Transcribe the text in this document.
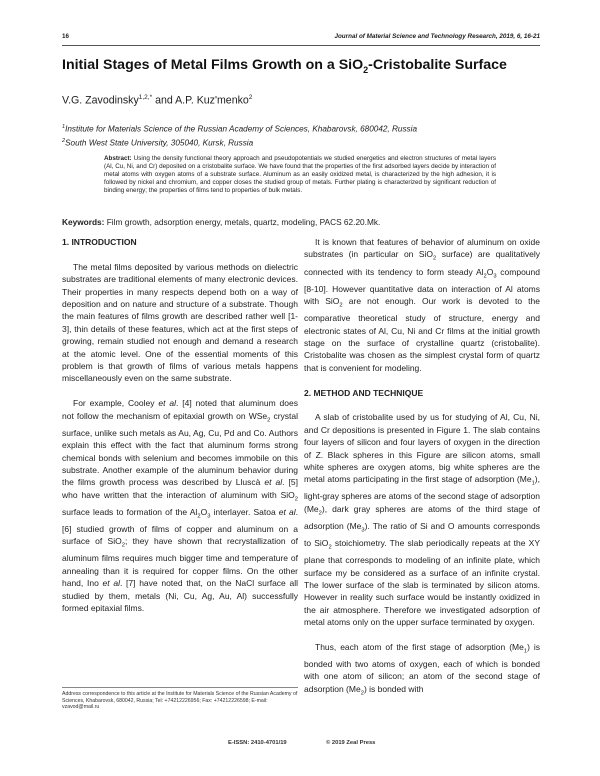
16	Journal of Material Science and Technology Research, 2019, 6, 16-21
Initial Stages of Metal Films Growth on a SiO$_2$-Cristobalite Surface
V.G. Zavodinsky$^{1,2,*}$ and A.P. Kuz'menko$^2$
$^1$Institute for Materials Science of the Russian Academy of Sciences, Khabarovsk, 680042, Russia
$^2$South West State University, 305040, Kursk, Russia
Abstract: Using the density functional theory approach and pseudopotentials we studied energetics and electron structures of metal layers (Al, Cu, Ni, and Cr) deposited on a cristobalite surface. We have found that the properties of the first adsorbed layers decide by interaction of metal atoms with oxygen atoms of a substrate surface. Aluminum as an easily oxidized metal, is characterized by the high adhesion, it is followed by nickel and chromium, and copper closes the studied group of metals. Further plating is characterized by significant reduction of binding energy; the properties of films tend to properties of bulk metals.
Keywords: Film growth, adsorption energy, metals, quartz, modeling, PACS 62.20.Mk.
1. INTRODUCTION

The metal films deposited by various methods on dielectric substrates are traditional elements of many electronic devices. Their properties in many respects depend both on a way of deposition and on nature and structure of a substrate. Though the main features of films growth are described rather well [1-3], thin details of these features, which act at the first steps of growing, remain studied not enough and demand a research at the atomic level. One of the essential moments of this problem is that growth of films of various metals happens miscellaneously even on the same substrate.

For example, Cooley et al. [4] noted that aluminum does not follow the mechanism of epitaxial growth on WSe$_2$ crystal surface, unlike such metals as Au, Ag, Cu, Pd and Co. Authors explain this effect with the fact that aluminum forms strong chemical bonds with selenium and becomes immobile on this substrate. Another example of the aluminum behavior during the films growth process was described by Lluscà et al. [5] who have written that the interaction of aluminum with SiO$_2$ surface leads to formation of the $Al_2O_3$ interlayer. Satoa et al. [6] studied growth of films of copper and aluminum on a surface of SiO$_2$; they have shown that recrystallization of aluminum films requires much bigger time and temperature of annealing than it is required for copper films. On the other hand, Ino et al. [7] have noted that, on the NaCl surface all studied by them, metals (Ni, Cu, Ag, Au, Al) successfully formed epitaxial films.

Address correspondence to this article at the Institute for Materials Science of the Russian Academy of Sciences, Khabarovsk, 680042, Russia; Tel: +74212226956; Fax: +74212226598; E-mail: vzavod@mail.ru

It is known that features of behavior of aluminum on oxide substrates (in particular on SiO$_2$ surface) are qualitatively connected with its tendency to form steady $Al_2O_3$ compound [8-10]. However quantitative data on interaction of Al atoms with SiO$_2$ are not enough. Our work is devoted to the comparative theoretical study of structure, energy and electronic states of Al, Cu, Ni and Cr films at the initial growth stage on the surface of crystalline quartz (cristobalite). Cristobalite was chosen as the simplest crystal form of quartz that is convenient for modeling.

2. METHOD AND TECHNIQUE

A slab of cristobalite used by us for studying of Al, Cu, Ni, and Cr depositions is presented in Figure 1. The slab contains four layers of silicon and four layers of oxygen in the direction of Z. Black spheres in this Figure are silicon atoms, small white spheres are oxygen atoms, big white spheres are the metal atoms participating in the first stage of adsorption $(Me_1)$, light-gray spheres are atoms of the second stage of adsorption $(Me_2)$, dark gray spheres are atoms of the third stage of adsorption $(Me_3)$. The ratio of Si and O amounts corresponds to SiO$_2$ stoichiometry. The slab periodically repeats at the XY plane that corresponds to modeling of an infinite plate, which surface my be considered as a surface of an infinite crystal. The lower surface of the slab is terminated by silicon atoms. However in reality such surface would be instantly oxidized in the air atmosphere. Therefore we investigated adsorption of metal atoms only on the upper surface terminated by oxygen.

Thus, each atom of the first stage of adsorption $(Me_1)$ is bonded with two atoms of oxygen, each of which is bonded with one atom of silicon; an atom of the second stage of adsorption $(Me_2)$ is bonded with

E-ISSN: 2410-4701/19	© 2019 Zeal Press
